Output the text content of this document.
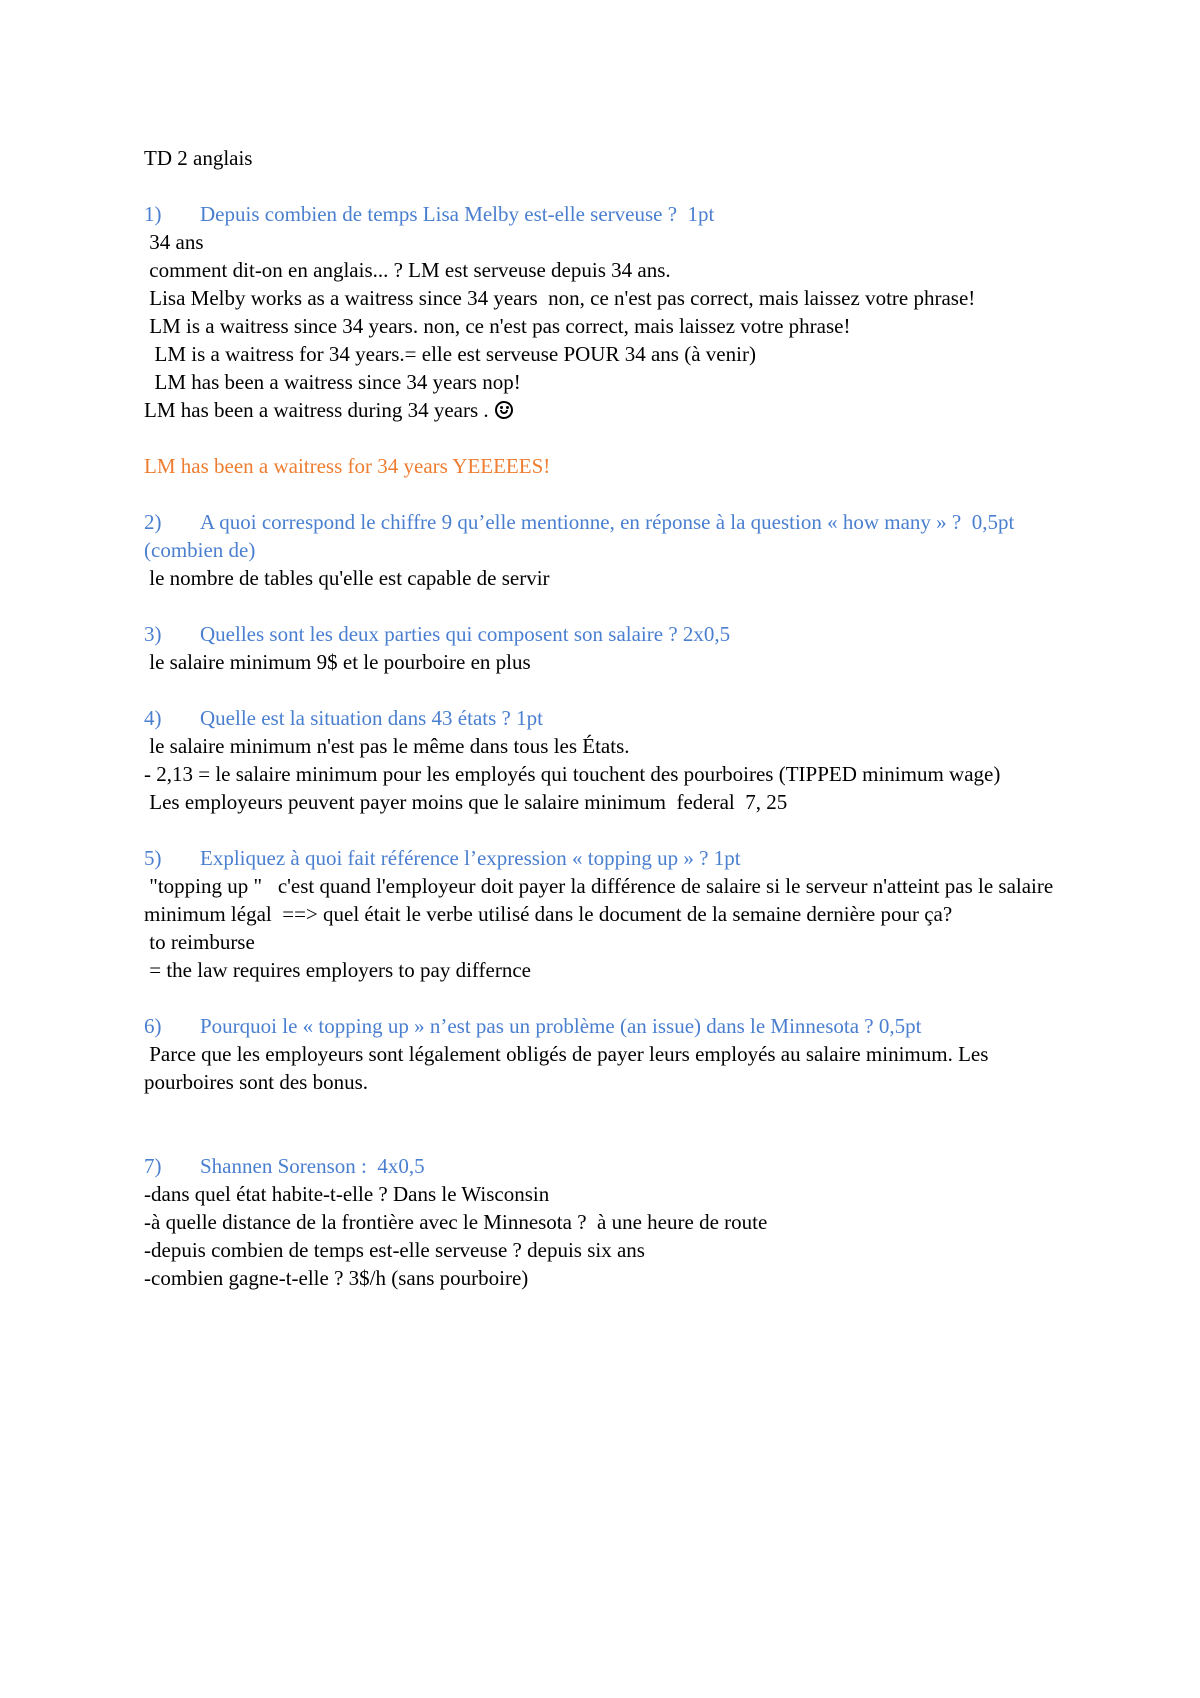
TD 2 anglais
1) Depuis combien de temps Lisa Melby est-elle serveuse ?  1pt
34 ans
comment dit-on en anglais... ? LM est serveuse depuis 34 ans.
Lisa Melby works as a waitress since 34 years  non, ce n'est pas correct, mais laissez votre phrase!
LM is a waitress since 34 years. non, ce n'est pas correct, mais laissez votre phrase!
LM is a waitress for 34 years.= elle est serveuse POUR 34 ans (à venir)
LM has been a waitress since 34 years nop!
LM has been a waitress during 34 years .
LM has been a waitress for 34 years YEEEEES!
2) A quoi correspond le chiffre 9 qu’elle mentionne, en réponse à la question « how many » ?  0,5pt (combien de)
le nombre de tables qu'elle est capable de servir
3) Quelles sont les deux parties qui composent son salaire ? 2x0,5
le salaire minimum 9$ et le pourboire en plus
4) Quelle est la situation dans 43 états ? 1pt
le salaire minimum n'est pas le même dans tous les États.
- 2,13 = le salaire minimum pour les employés qui touchent des pourboires (TIPPED minimum wage)
Les employeurs peuvent payer moins que le salaire minimum  federal  7, 25
5) Expliquez à quoi fait référence l’expression « topping up » ? 1pt
"topping up "   c'est quand l'employeur doit payer la différence de salaire si le serveur n'atteint pas le salaire minimum légal  ==> quel était le verbe utilisé dans le document de la semaine dernière pour ça?
to reimburse
= the law requires employers to pay differnce
6) Pourquoi le « topping up » n’est pas un problème (an issue) dans le Minnesota ? 0,5pt
Parce que les employeurs sont légalement obligés de payer leurs employés au salaire minimum. Les pourboires sont des bonus.
7) Shannen Sorenson :  4x0,5
-dans quel état habite-t-elle ? Dans le Wisconsin
-à quelle distance de la frontière avec le Minnesota ?  à une heure de route
-depuis combien de temps est-elle serveuse ? depuis six ans
-combien gagne-t-elle ? 3$/h (sans pourboire)
